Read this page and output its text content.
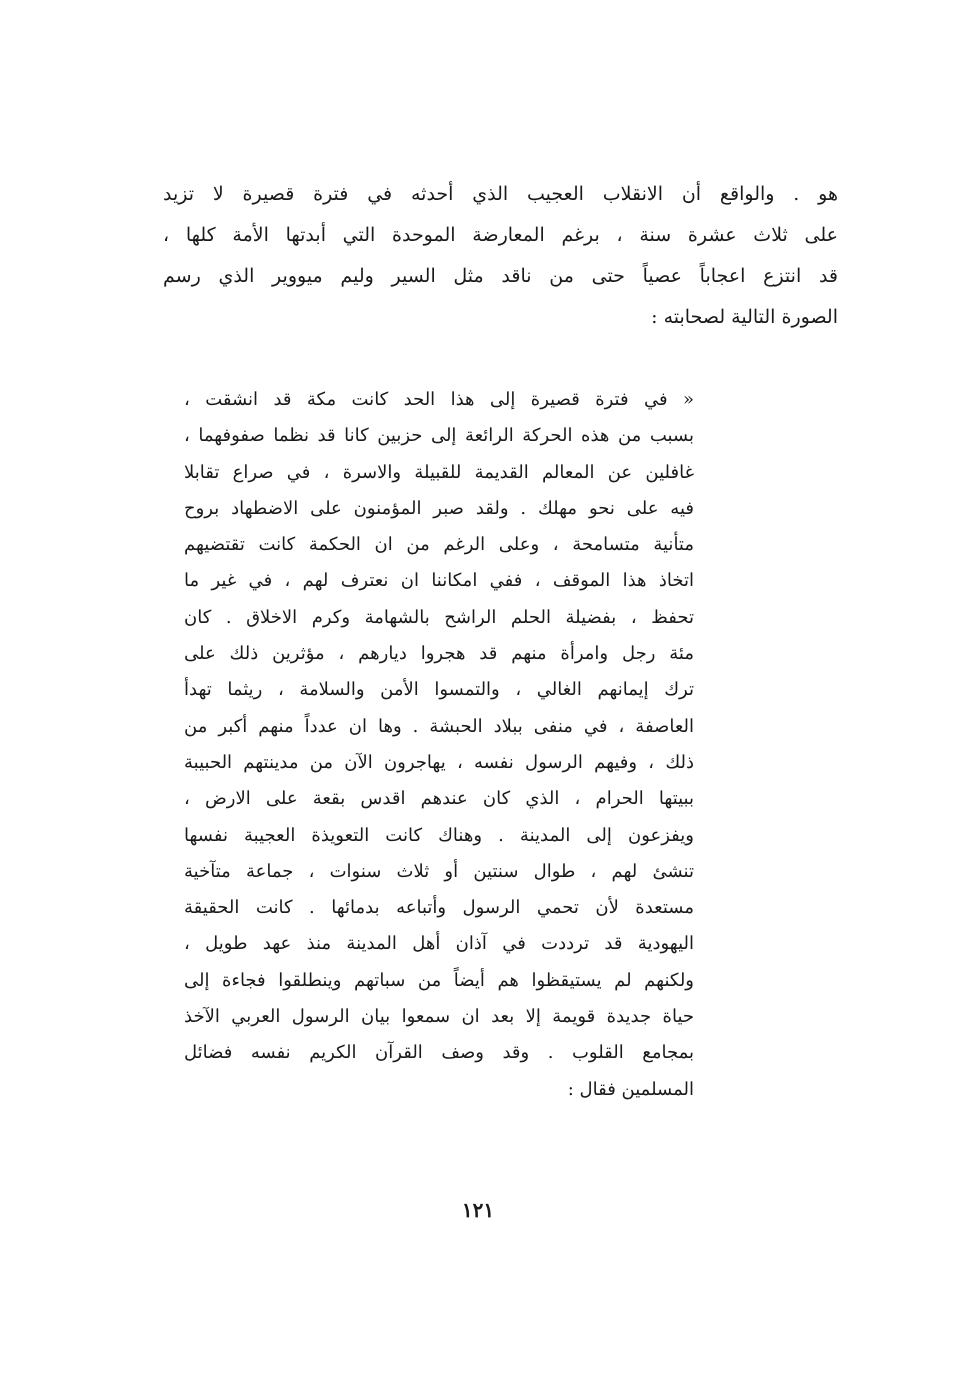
هو . والواقع أن الانقلاب العجيب الذي أحدثه في فترة قصيرة لا تزيد
على ثلاث عشرة سنة ، برغم المعارضة الموحدة التي أبدتها الأمة كلها ،
قد انتزع اعجاباً عصياً حتى من ناقد مثل السير وليم ميووير الذي رسم
الصورة التالية لصحابته :
« في فترة قصيرة إلى هذا الحد كانت مكة قد انشقت ،
بسبب من هذه الحركة الرائعة إلى حزبين كانا قد نظما صفوفهما ،
غافلين عن المعالم القديمة للقبيلة والاسرة ، في صراع تقابلا
فيه على نحو مهلك . ولقد صبر المؤمنون على الاضطهاد بروح
متأنية متسامحة ، وعلى الرغم من ان الحكمة كانت تقتضيهم
اتخاذ هذا الموقف ، ففي امكاننا ان نعترف لهم ، في غير ما
تحفظ ، بفضيلة الحلم الراشح بالشهامة وكرم الاخلاق . كان
مئة رجل وامرأة منهم قد هجروا ديارهم ، مؤثرين ذلك على
ترك إيمانهم الغالي ، والتمسوا الأمن والسلامة ، ريثما تهدأ
العاصفة ، في منفى ببلاد الحبشة . وها ان عدداً منهم أكبر من
ذلك ، وفيهم الرسول نفسه ، يهاجرون الآن من مدينتهم الحبيبة
ببيتها الحرام ، الذي كان عندهم اقدس بقعة على الارض ،
ويفزعون إلى المدينة . وهناك كانت التعويذة العجيبة نفسها
تنشئ لهم ، طوال سنتين أو ثلاث سنوات ، جماعة متآخية
مستعدة لأن تحمي الرسول وأتباعه بدمائها . كانت الحقيقة
اليهودية قد ترددت في آذان أهل المدينة منذ عهد طويل ،
ولكنهم لم يستيقظوا هم أيضاً من سباتهم وينطلقوا فجاءة إلى
حياة جديدة قويمة إلا بعد ان سمعوا بيان الرسول العربي الآخذ
بمجامع القلوب . وقد وصف القرآن الكريم نفسه فضائل
المسلمين فقال :
١٢١
